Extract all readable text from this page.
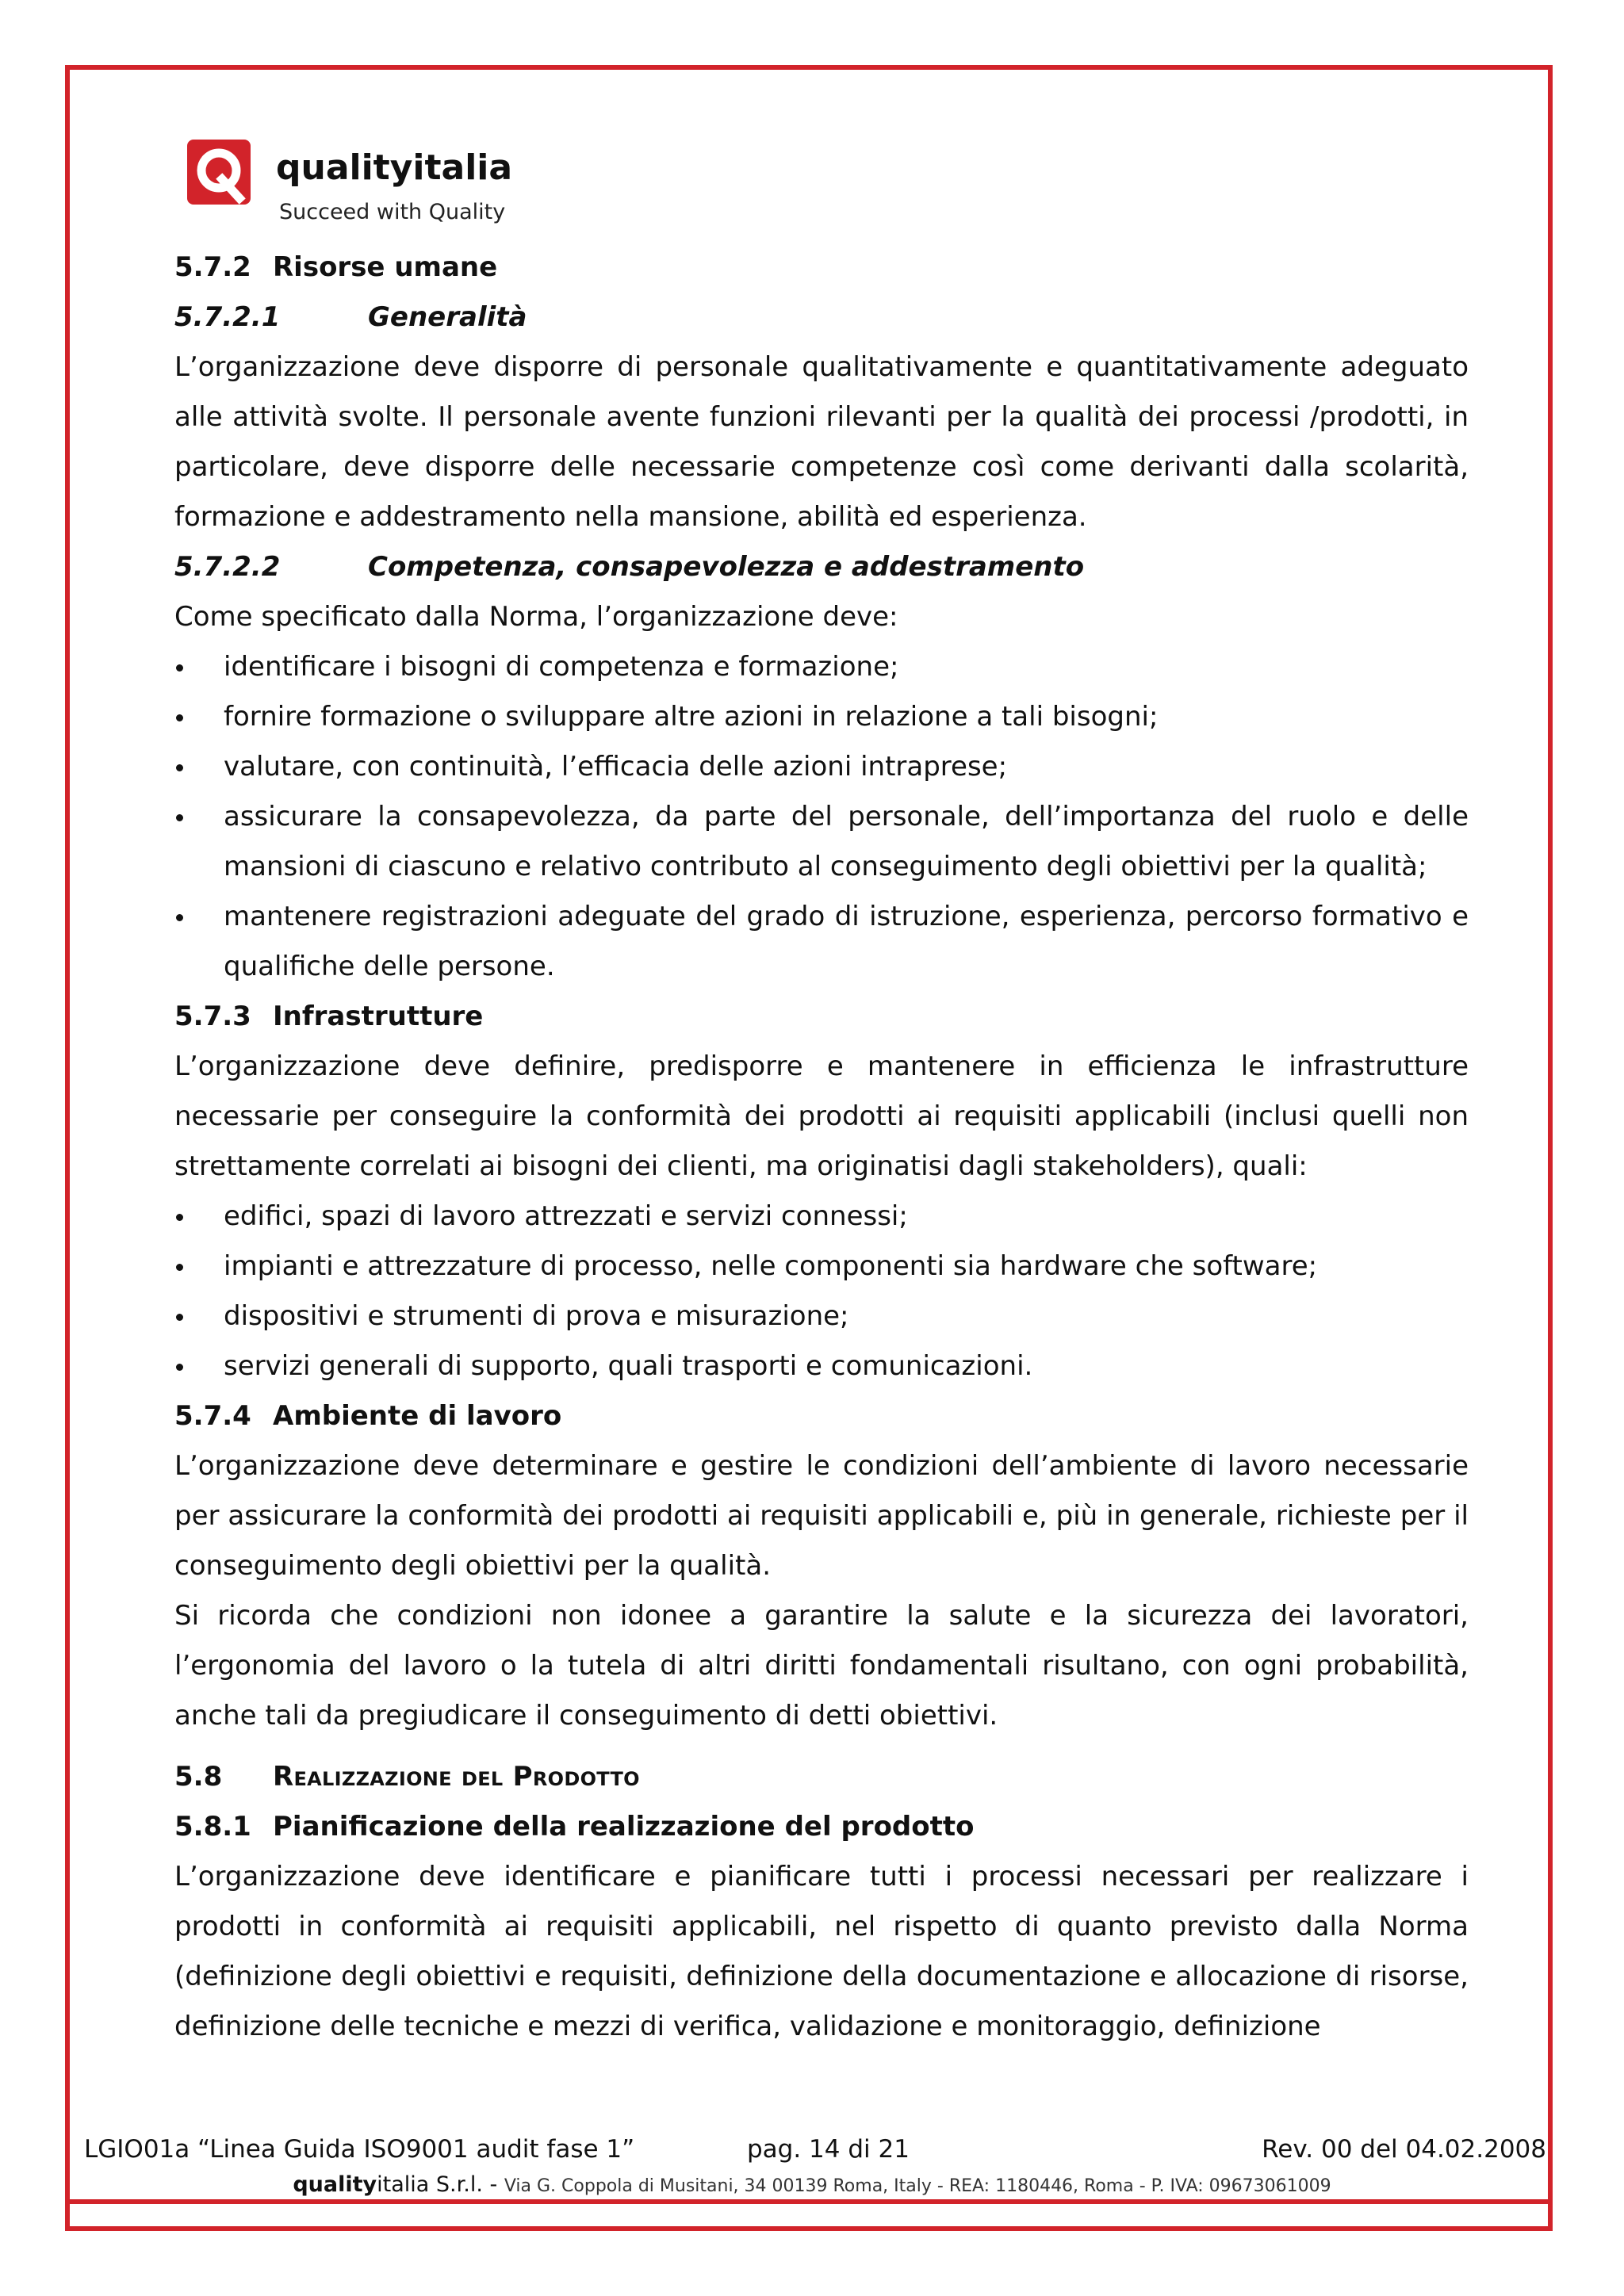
qualityitalia
Succeed with Quality
5.7.2 Risorse umane
5.7.2.1	Generalità
L’organizzazione deve disporre di personale qualitativamente e quantitativamente adeguato alle attività svolte. Il personale avente funzioni rilevanti per la qualità dei processi /prodotti, in particolare, deve disporre delle necessarie competenze così come derivanti dalla scolarità, formazione e addestramento nella mansione, abilità ed esperienza.
5.7.2.2	Competenza, consapevolezza e addestramento
Come specificato dalla Norma, l’organizzazione deve:
identificare i bisogni di competenza e formazione;
fornire formazione o sviluppare altre azioni in relazione a tali bisogni;
valutare, con continuità, l’efficacia delle azioni intraprese;
assicurare la consapevolezza, da parte del personale, dell’importanza del ruolo e delle mansioni di ciascuno e relativo contributo al conseguimento degli obiettivi per la qualità;
mantenere registrazioni adeguate del grado di istruzione, esperienza, percorso formativo e qualifiche delle persone.
5.7.3 Infrastrutture
L’organizzazione deve definire, predisporre e mantenere in efficienza le infrastrutture necessarie per conseguire la conformità dei prodotti ai requisiti applicabili (inclusi quelli non strettamente correlati ai bisogni dei clienti, ma originatisi dagli stakeholders), quali:
edifici, spazi di lavoro attrezzati e servizi connessi;
impianti e attrezzature di processo, nelle componenti sia hardware che software;
dispositivi e strumenti di prova e misurazione;
servizi generali di supporto, quali trasporti e comunicazioni.
5.7.4 Ambiente di lavoro
L’organizzazione deve determinare e gestire le condizioni dell’ambiente di lavoro necessarie per assicurare la conformità dei prodotti ai requisiti applicabili e, più in generale, richieste per il conseguimento degli obiettivi per la qualità.
Si ricorda che condizioni non idonee a garantire la salute e la sicurezza dei lavoratori, l’ergonomia del lavoro o la tutela di altri diritti fondamentali risultano, con ogni probabilità, anche tali da pregiudicare il conseguimento di detti obiettivi.
5.8 Realizzazione del Prodotto
5.8.1 Pianificazione della realizzazione del prodotto
L’organizzazione deve identificare e pianificare tutti i processi necessari per realizzare i prodotti in conformità ai requisiti applicabili, nel rispetto di quanto previsto dalla Norma (definizione degli obiettivi e requisiti, definizione della documentazione e allocazione di risorse, definizione delle tecniche e mezzi di verifica, validazione e monitoraggio, definizione
LGIO01a “Linea Guida ISO9001 audit fase 1”	pag. 14 di 21	Rev. 00 del 04.02.2008
qualityitalia S.r.l. - Via G. Coppola di Musitani, 34 00139 Roma, Italy - REA: 1180446, Roma - P. IVA: 09673061009
